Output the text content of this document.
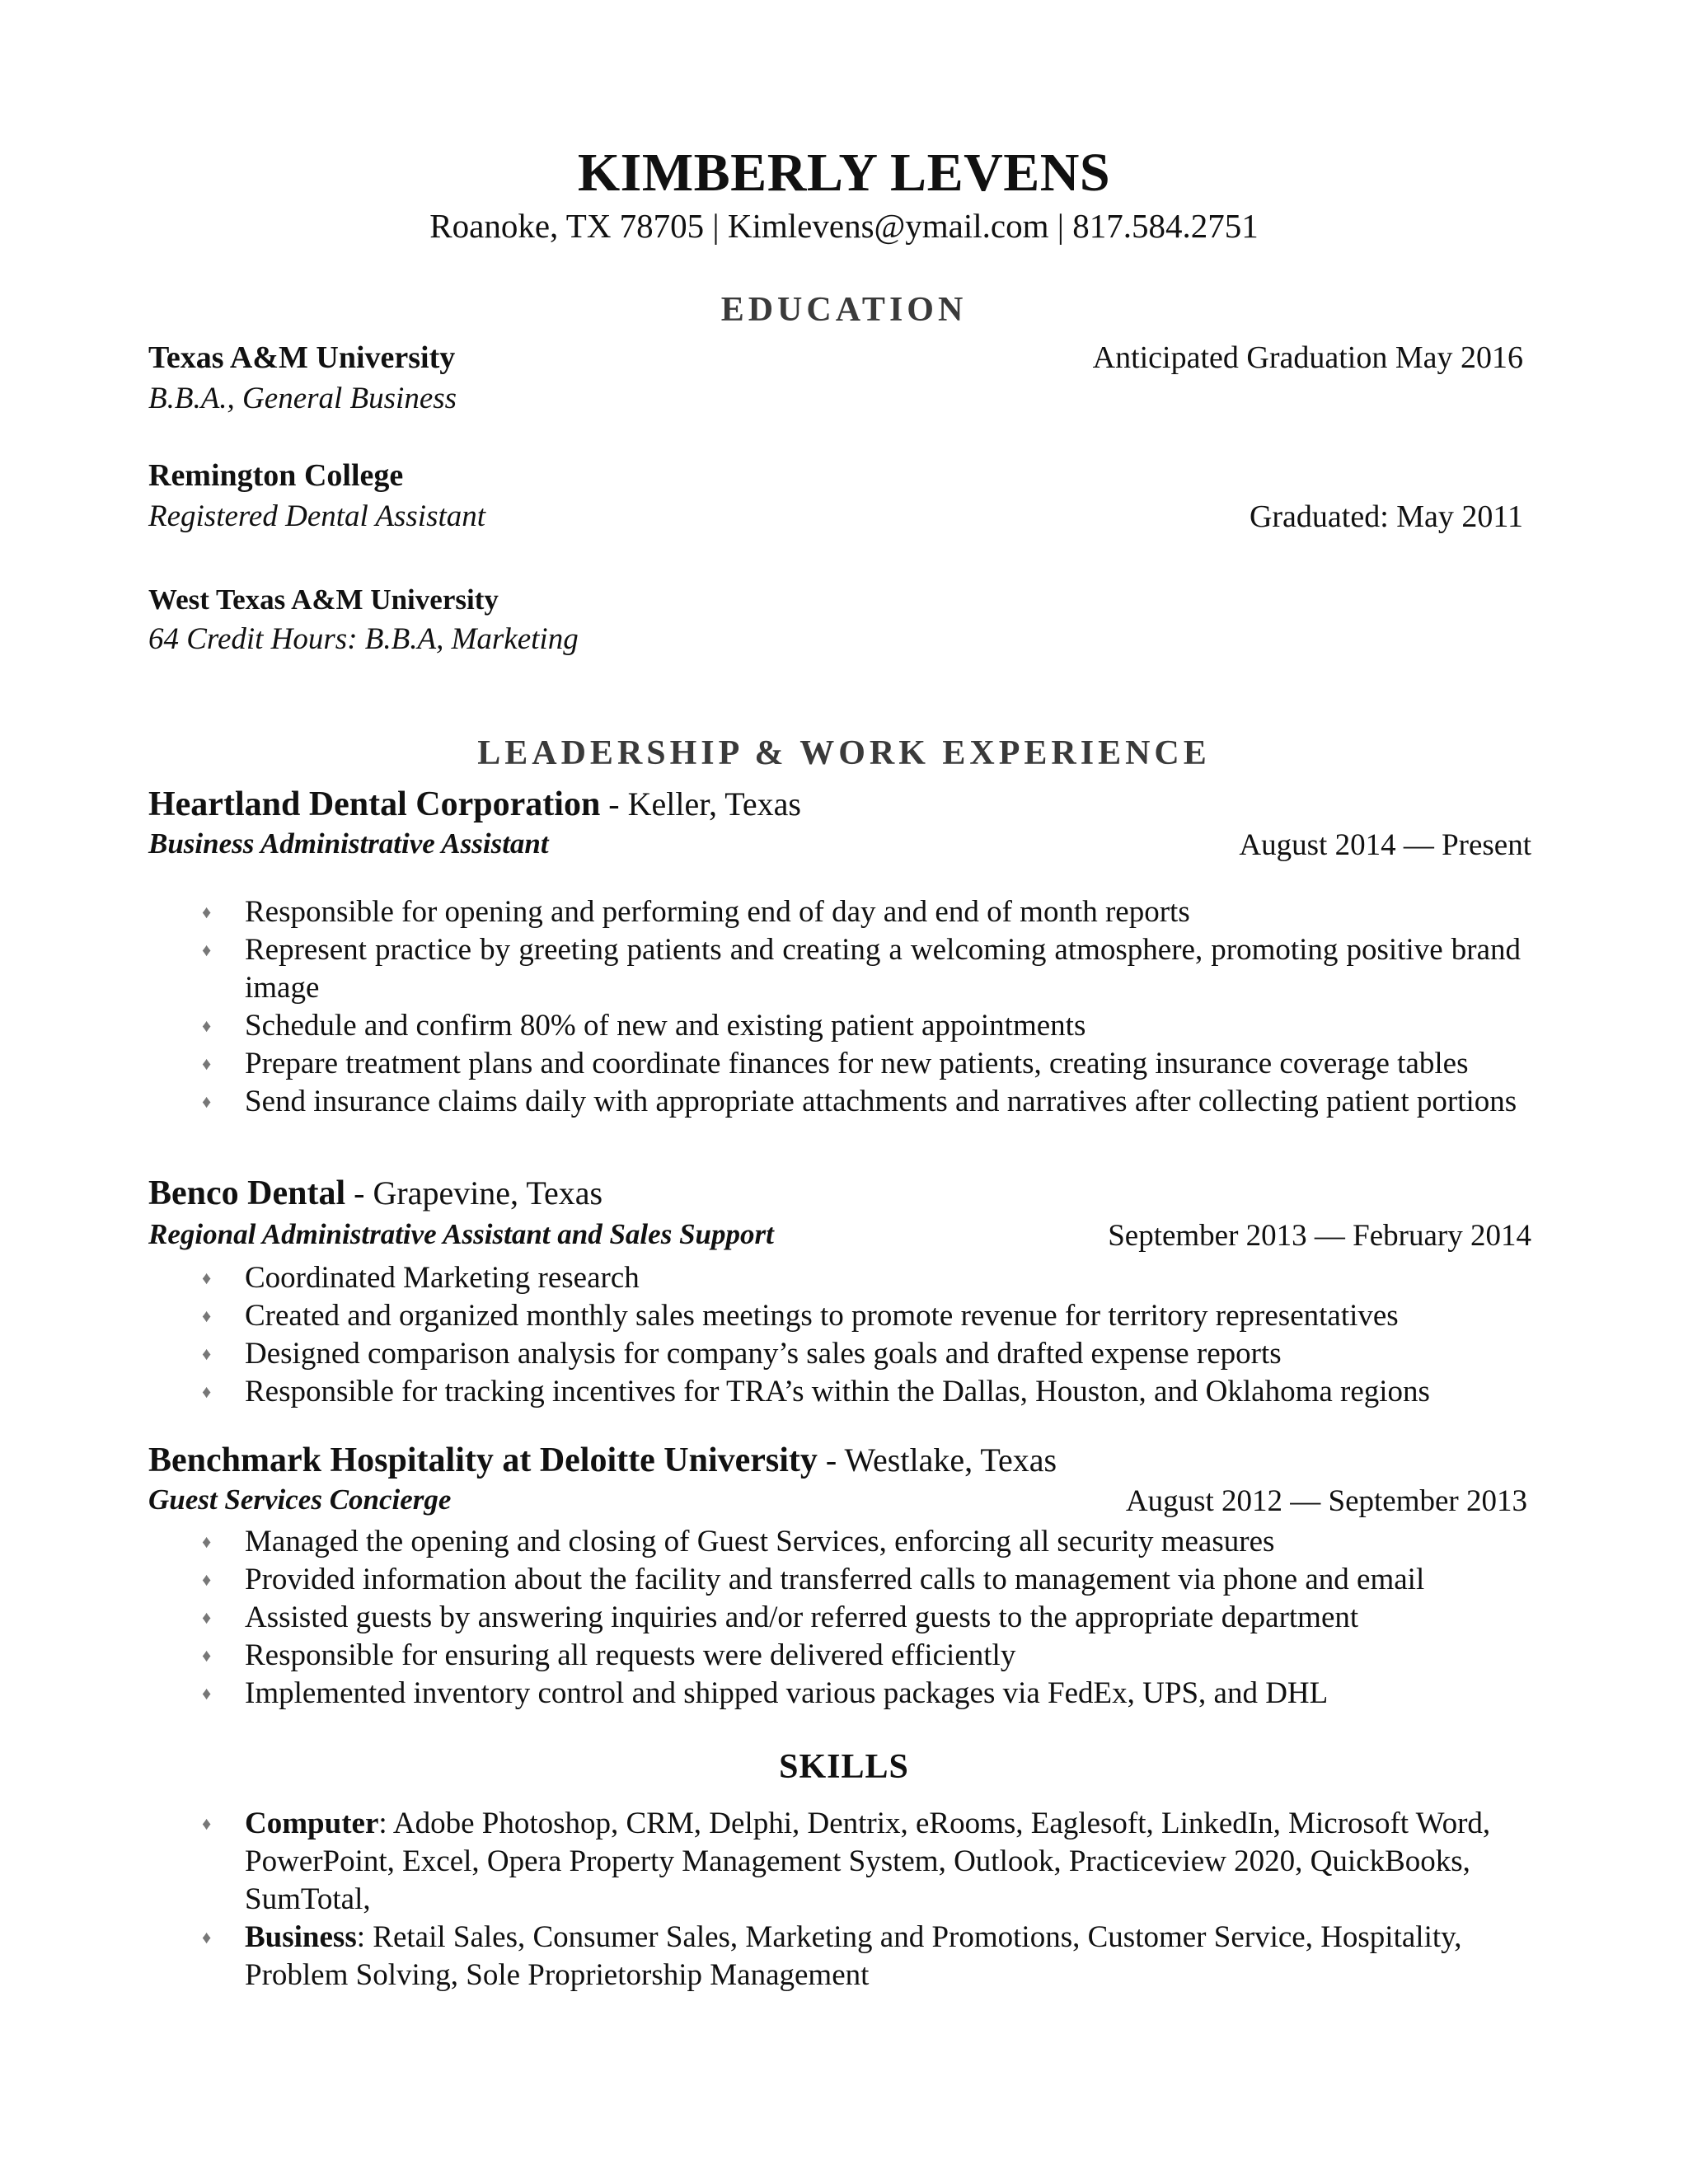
KIMBERLY LEVENS
Roanoke, TX 78705 | Kimlevens@ymail.com | 817.584.2751
EDUCATION
Texas A&M University	Anticipated Graduation May 2016
B.B.A., General Business
Remington College
Registered Dental Assistant	Graduated: May 2011
West Texas A&M University
64 Credit Hours: B.B.A, Marketing
LEADERSHIP & WORK EXPERIENCE
Heartland Dental Corporation - Keller, Texas
Business Administrative Assistant	August 2014 — Present
♦ Responsible for opening and performing end of day and end of month reports
♦ Represent practice by greeting patients and creating a welcoming atmosphere, promoting positive brand image
♦ Schedule and confirm 80% of new and existing patient appointments
♦ Prepare treatment plans and coordinate finances for new patients, creating insurance coverage tables
♦ Send insurance claims daily with appropriate attachments and narratives after collecting patient portions
Benco Dental - Grapevine, Texas
Regional Administrative Assistant and Sales Support	September 2013 — February 2014
♦ Coordinated Marketing research
♦ Created and organized monthly sales meetings to promote revenue for territory representatives
♦ Designed comparison analysis for company’s sales goals and drafted expense reports
♦ Responsible for tracking incentives for TRA’s within the Dallas, Houston, and Oklahoma regions
Benchmark Hospitality at Deloitte University - Westlake, Texas
Guest Services Concierge	August 2012 — September 2013
♦ Managed the opening and closing of Guest Services, enforcing all security measures
♦ Provided information about the facility and transferred calls to management via phone and email
♦ Assisted guests by answering inquiries and/or referred guests to the appropriate department
♦ Responsible for ensuring all requests were delivered efficiently
♦ Implemented inventory control and shipped various packages via FedEx, UPS, and DHL
SKILLS
♦ Computer: Adobe Photoshop, CRM, Delphi, Dentrix, eRooms, Eaglesoft, LinkedIn, Microsoft Word, PowerPoint, Excel, Opera Property Management System, Outlook, Practiceview 2020, QuickBooks, SumTotal,
♦ Business: Retail Sales, Consumer Sales, Marketing and Promotions, Customer Service, Hospitality, Problem Solving, Sole Proprietorship Management
